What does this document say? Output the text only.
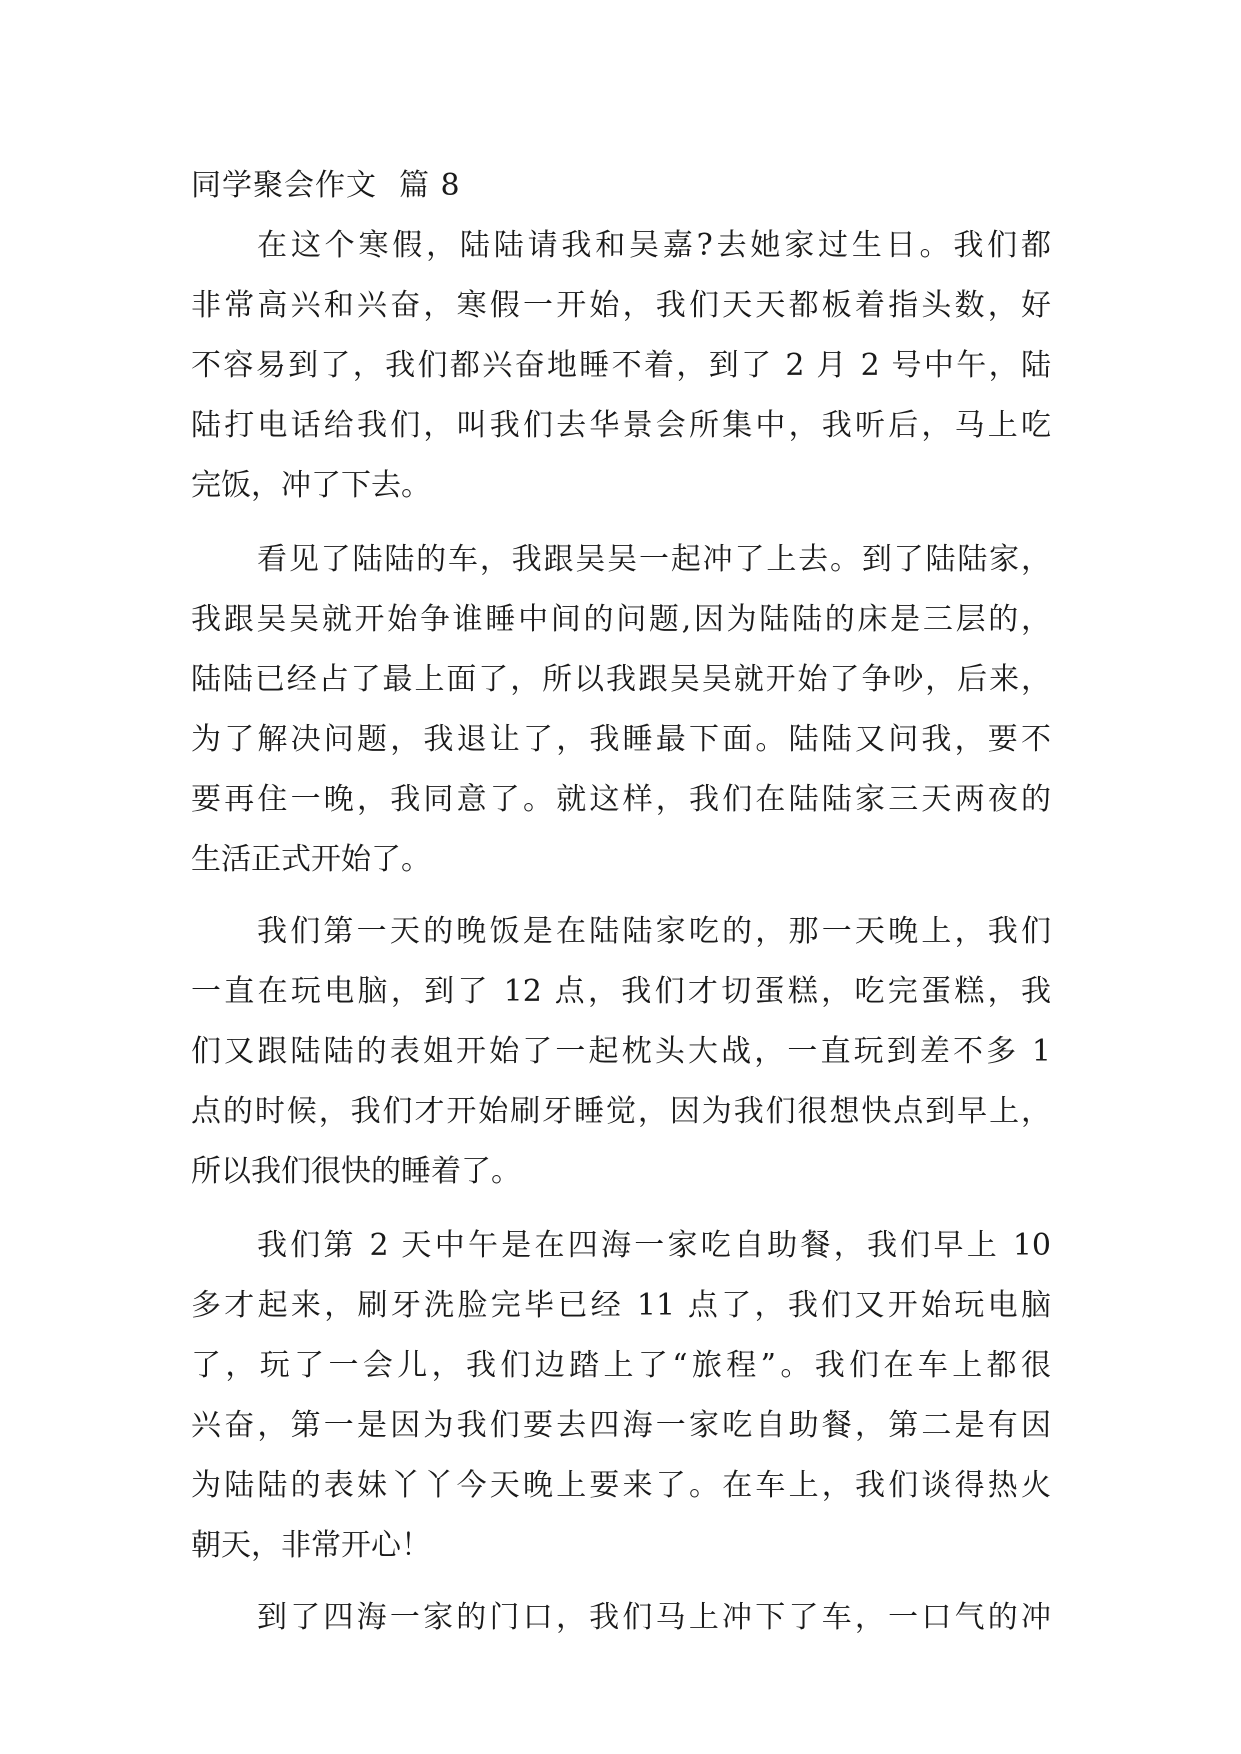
同学聚会作文 篇 8
在这个寒假，陆陆请我和吴嘉?去她家过生日。我们都
非常高兴和兴奋，寒假一开始，我们天天都板着指头数，好
不容易到了，我们都兴奋地睡不着，到了 2 月 2 号中午，陆
陆打电话给我们，叫我们去华景会所集中，我听后，马上吃
完饭，冲了下去。
看见了陆陆的车，我跟吴吴一起冲了上去。到了陆陆家，
我跟吴吴就开始争谁睡中间的问题,因为陆陆的床是三层的，
陆陆已经占了最上面了，所以我跟吴吴就开始了争吵，后来，
为了解决问题，我退让了，我睡最下面。陆陆又问我，要不
要再住一晚，我同意了。就这样，我们在陆陆家三天两夜的
生活正式开始了。
我们第一天的晚饭是在陆陆家吃的，那一天晚上，我们
一直在玩电脑，到了 12 点，我们才切蛋糕，吃完蛋糕，我
们又跟陆陆的表姐开始了一起枕头大战，一直玩到差不多 1
点的时候，我们才开始刷牙睡觉，因为我们很想快点到早上，
所以我们很快的睡着了。
我们第 2 天中午是在四海一家吃自助餐，我们早上 10
多才起来，刷牙洗脸完毕已经 11 点了，我们又开始玩电脑
了，玩了一会儿，我们边踏上了“旅程”。我们在车上都很
兴奋，第一是因为我们要去四海一家吃自助餐，第二是有因
为陆陆的表妹丫丫今天晚上要来了。在车上，我们谈得热火
朝天，非常开心！
到了四海一家的门口，我们马上冲下了车，一口气的冲
